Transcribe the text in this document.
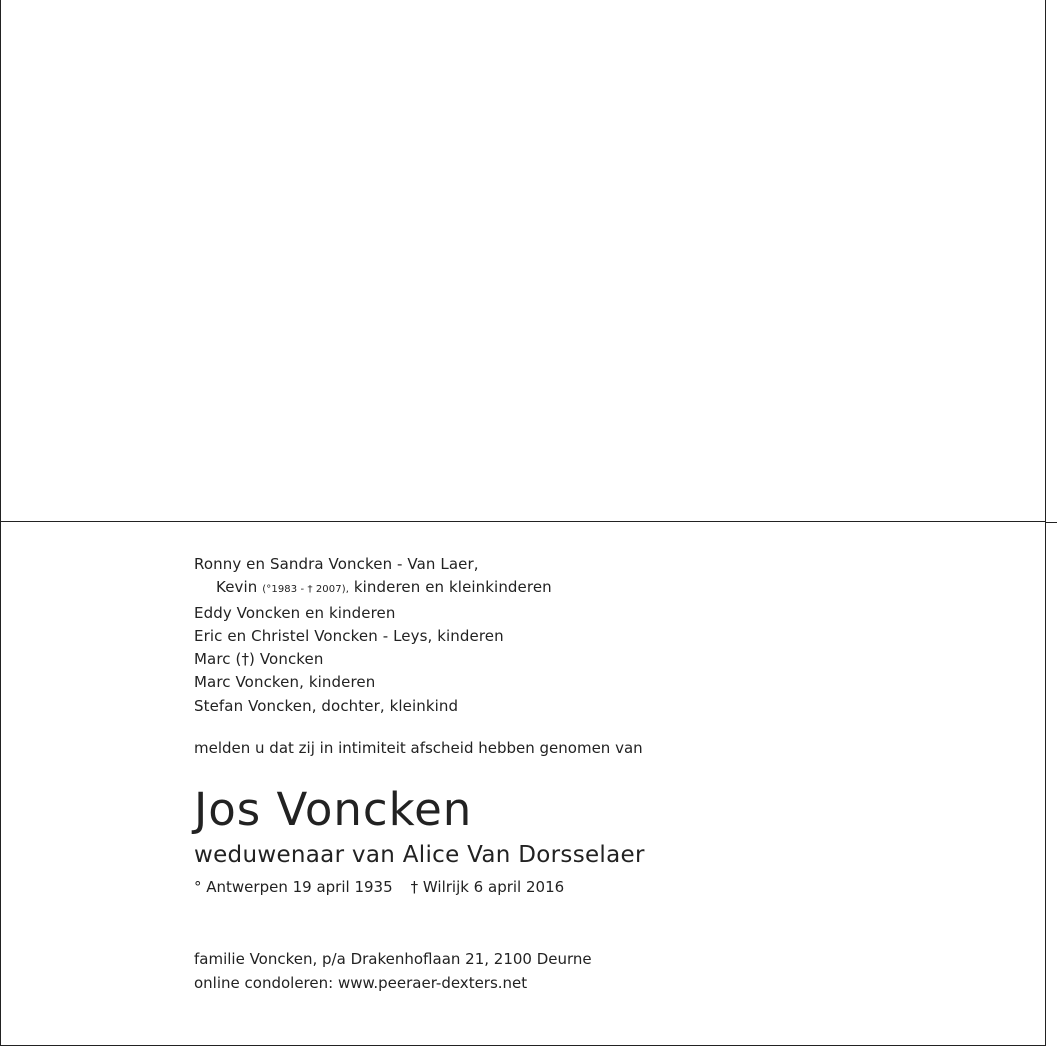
Ronny en Sandra Voncken - Van Laer,
Kevin (°1983 - † 2007), kinderen en kleinkinderen
Eddy Voncken en kinderen
Eric en Christel Voncken - Leys, kinderen
Marc (†) Voncken
Marc Voncken, kinderen
Stefan Voncken, dochter, kleinkind
melden u dat zij in intimiteit afscheid hebben genomen van
Jos Voncken
weduwenaar van Alice Van Dorsselaer
° Antwerpen 19 april 1935 † Wilrijk 6 april 2016
familie Voncken, p/a Drakenhoflaan 21, 2100 Deurne
online condoleren: www.peeraer-dexters.net
